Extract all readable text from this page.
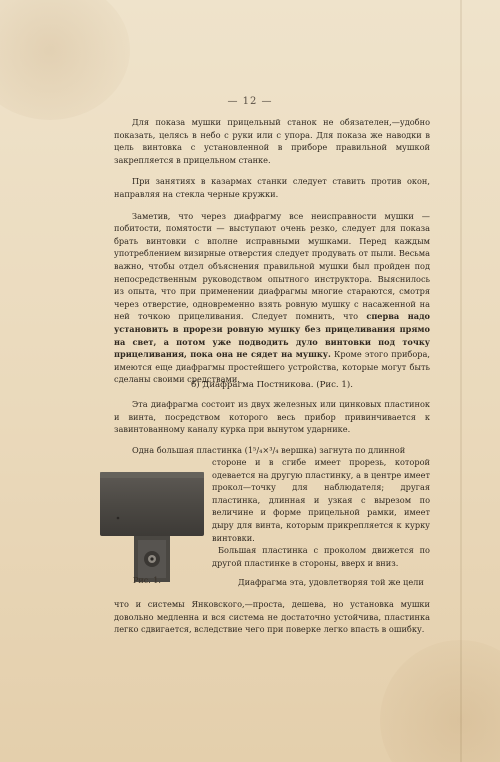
— 12 —

Для показа мушки прицельный станок не обязателен,—удобно показать, целясь в небо с руки или с упора. Для показа же наводки в цель винтовка с установленной в приборе правильной мушкой закрепляется в прицельном станке.

При занятиях в казармах станки следует ставить против окон, направляя на стекла черные кружки.

Заметив, что через диафрагму все неисправности мушки — побитости, помятости — выступают очень резко, следует для показа брать винтовки с вполне исправными мушками. Перед каждым употреблением визирные отверстия следует продувать от пыли. Весьма важно, чтобы отдел объяснения правильной мушки был пройден под непосредственным руководством опытного инструктора. Выяснилось из опыта, что при применении диафрагмы многие стараются, смотря через отверстие, одновременно взять ровную мушку с насаженной на ней точкою прицеливания. Следует помнить, что сперва надо установить в прорези ровную мушку без прицеливания прямо на свет, а потом уже подводить дуло винтовки под точку прицеливания, пока она не сядет на мушку. Кроме этого прибора, имеются еще диафрагмы простейшего устройства, которые могут быть сделаны своими средствами.

б) Диафрагма Постникова. (Рис. 1).

Эта диафрагма состоит из двух железных или цинковых пластинок и винта, посредством которого весь прибор привинчивается к завинтованному каналу курка при вынутом ударнике.

Одна большая пластинка (1⁵/₄×³/₄ вершка) загнута по длинной

стороне и в сгибе имеет прорезь, которой одевается на другую пластинку, а в центре имеет прокол—точку для наблюдателя; другая пластинка, длинная и узкая с вырезом по величине и форме прицельной рамки, имеет дыру для винта, которым прикрепляется к курку винтовки.

Большая пластинка с проколом движется по другой пластинке в стороны, вверх и вниз.

Рис. 1.	Диафрагма эта, удовлетворяя той же цели

что и системы Янковского,—проста, дешева, но установка мушки довольно медленна и вся система не достаточно устойчива, пластинка легко сдвигается, вследствие чего при поверке легко впасть в ошибку.
